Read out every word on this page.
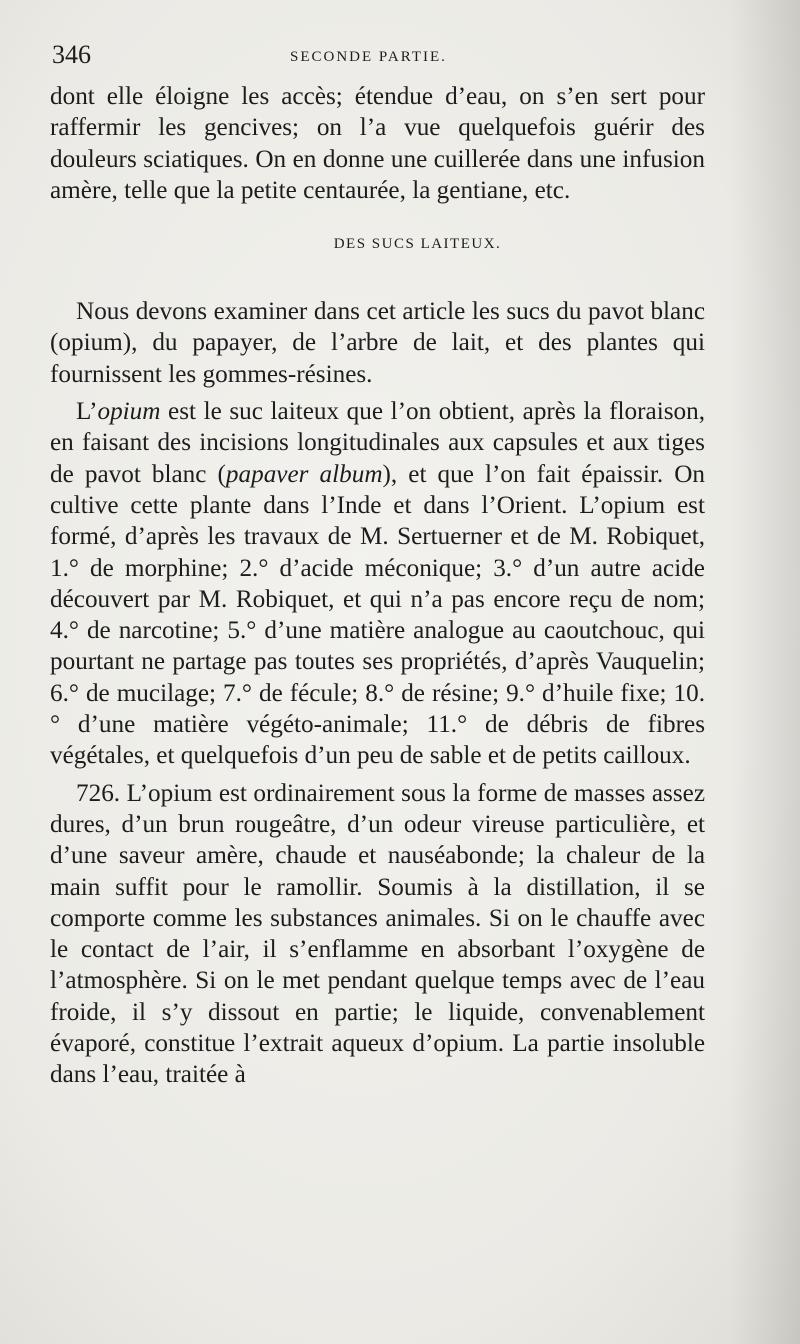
346	SECONDE PARTIE.

dont elle éloigne les accès; étendue d’eau, on s’en sert pour raffermir les gencives; on l’a vue quelquefois guérir des douleurs sciatiques. On en donne une cuillerée dans une infusion amère, telle que la petite centaurée, la gentiane, etc.

DES SUCS LAITEUX.

Nous devons examiner dans cet article les sucs du pavot blanc (opium), du papayer, de l’arbre de lait, et des plantes qui fournissent les gommes-résines.

L’opium est le suc laiteux que l’on obtient, après la floraison, en faisant des incisions longitudinales aux capsules et aux tiges de pavot blanc (papaver album), et que l’on fait épaissir. On cultive cette plante dans l’Inde et dans l’Orient. L’opium est formé, d’après les travaux de M. Sertuerner et de M. Robiquet, 1.° de morphine; 2.° d’acide méconique; 3.° d’un autre acide découvert par M. Robiquet, et qui n’a pas encore reçu de nom; 4.° de narcotine; 5.° d’une matière analogue au caoutchouc, qui pourtant ne partage pas toutes ses propriétés, d’après Vauquelin; 6.° de mucilage; 7.° de fécule; 8.° de résine; 9.° d’huile fixe; 10.° d’une matière végéto-animale; 11.° de débris de fibres végétales, et quelquefois d’un peu de sable et de petits cailloux.

726. L’opium est ordinairement sous la forme de masses assez dures, d’un brun rougeâtre, d’un odeur vireuse particulière, et d’une saveur amère, chaude et nauséabonde; la chaleur de la main suffit pour le ramollir. Soumis à la distillation, il se comporte comme les substances animales. Si on le chauffe avec le contact de l’air, il s’enflamme en absorbant l’oxygène de l’atmosphère. Si on le met pendant quelque temps avec de l’eau froide, il s’y dissout en partie; le liquide, convenablement évaporé, constitue l’extrait aqueux d’opium. La partie insoluble dans l’eau, traitée à
